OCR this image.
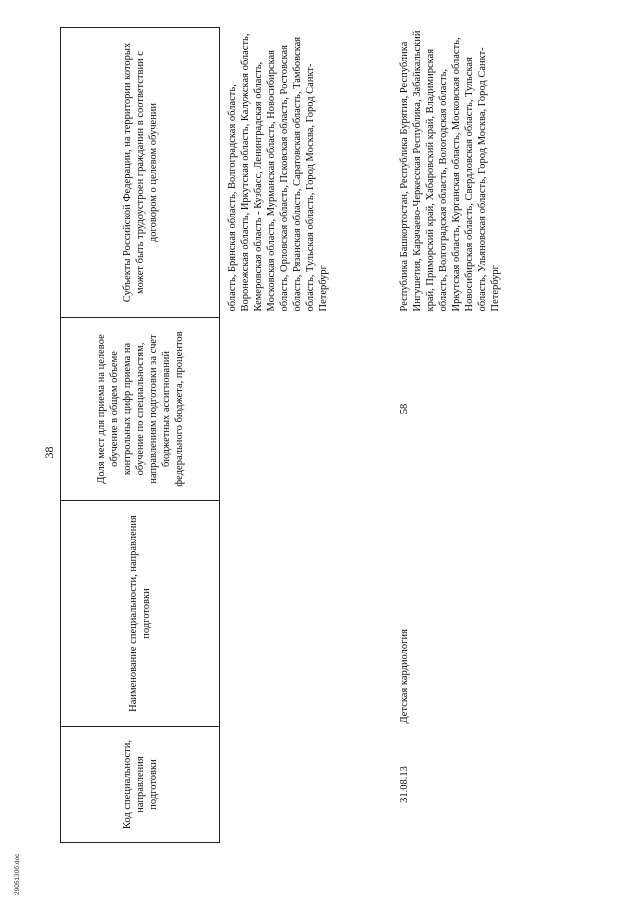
2905130б.doc
38
Код специальности, направления подготовки	Наименование специальности, направления подготовки	Доля мест для приема на целевое обучение в общем объеме контрольных цифр приема на обучение по специальностям, направлениям подготовки за счет бюджетных ассигнований федерального бюджета, процентов	Субъекты Российской Федерации, на территории которых может быть трудоустроен гражданин в соответствии с договором о целевом обучении
			область, Брянская область, Волгоградская область, Воронежская область, Иркутская область, Калужская область, Кемеровская область - Кузбасс, Ленинградская область, Московская область, Мурманская область, Новосибирская область, Орловская область, Псковская область, Ростовская область, Рязанская область, Саратовская область, Тамбовская область, Тульская область, Город Москва, Город Санкт-Петербург
31.08.13	Детская кардиология	58	Республика Башкортостан, Республика Бурятия, Республика Ингушетия, Карачаево-Черкесская Республика, Забайкальский край, Приморский край, Хабаровский край, Владимирская область, Волгоградская область, Вологодская область, Иркутская область, Курганская область, Московская область, Новосибирская область, Свердловская область, Тульская область, Ульяновская область, Город Москва, Город Санкт-Петербург
